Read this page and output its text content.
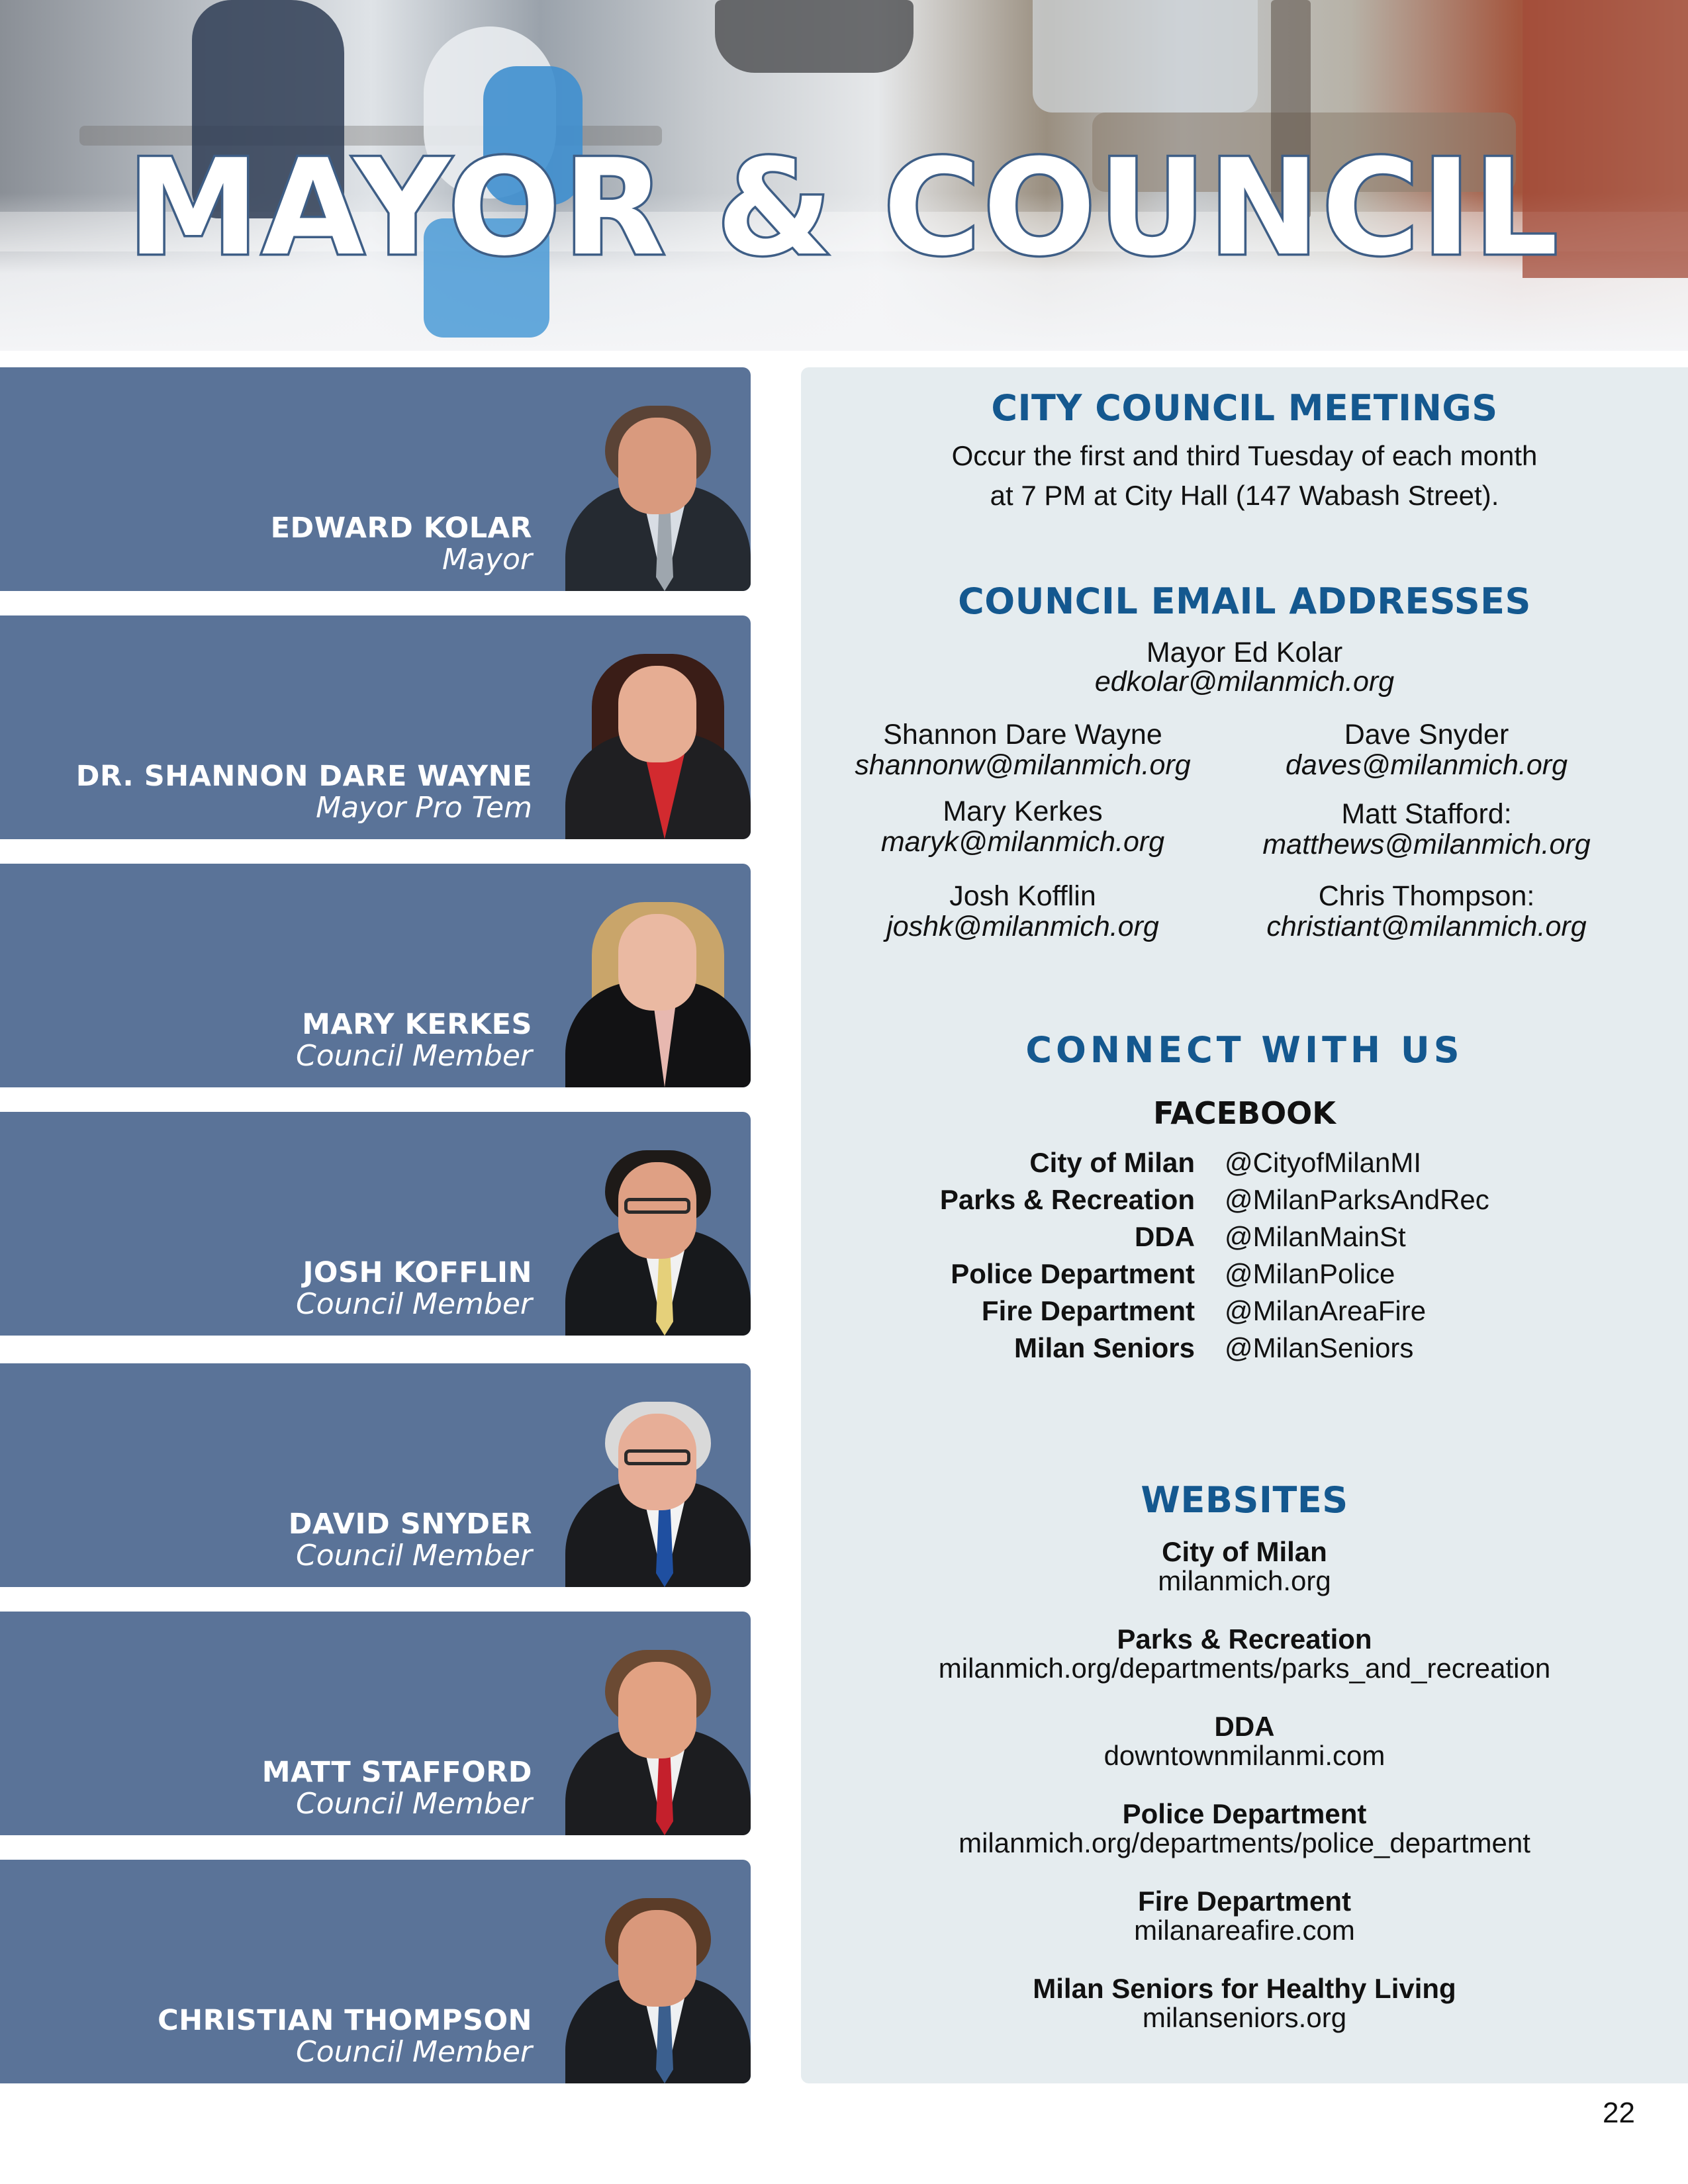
MAYOR & COUNCIL
EDWARD KOLAR
Mayor
DR. SHANNON DARE WAYNE
Mayor Pro Tem
MARY KERKES
Council Member
JOSH KOFFLIN
Council Member
DAVID SNYDER
Council Member
MATT STAFFORD
Council Member
CHRISTIAN THOMPSON
Council Member
CITY COUNCIL MEETINGS
Occur the first and third Tuesday of each month
at 7 PM at City Hall (147 Wabash Street).
COUNCIL EMAIL ADDRESSES
Mayor Ed Kolar
edkolar@milanmich.org
Shannon Dare Wayne
shannonw@milanmich.org
Mary Kerkes
maryk@milanmich.org
Josh Kofflin
joshk@milanmich.org
Dave Snyder
daves@milanmich.org
Matt Stafford:
matthews@milanmich.org
Chris Thompson:
christiant@milanmich.org
CONNECT WITH US
FACEBOOK
City of Milan @CityofMilanMI
Parks & Recreation @MilanParksAndRec
DDA @MilanMainSt
Police Department @MilanPolice
Fire Department @MilanAreaFire
Milan Seniors @MilanSeniors
WEBSITES
City of Milan
milanmich.org
Parks & Recreation
milanmich.org/departments/parks_and_recreation
DDA
downtownmilanmi.com
Police Department
milanmich.org/departments/police_department
Fire Department
milanareafire.com
Milan Seniors for Healthy Living
milanseniors.org
22
